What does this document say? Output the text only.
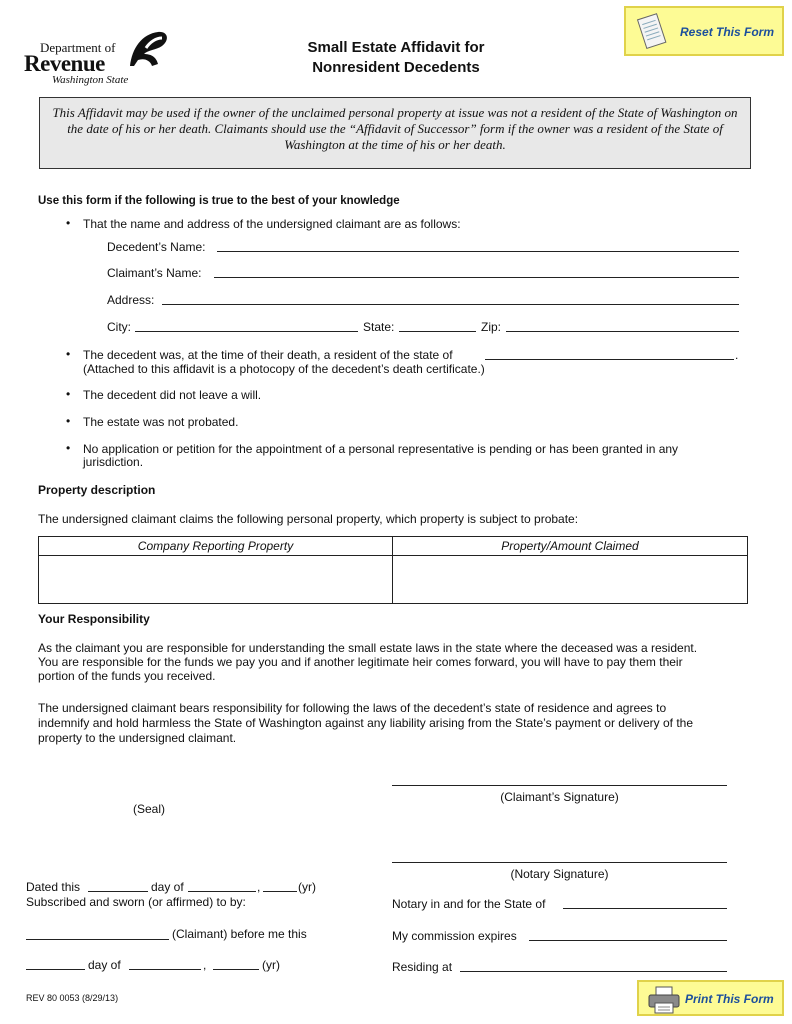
Department of
Revenue
Washington State
Small Estate Affidavit for
Nonresident Decedents
Reset This Form
This Affidavit may be used if the owner of the unclaimed personal property at issue was not a resident of the State of Washington on the date of his or her death. Claimants should use the “Affidavit of Successor” form if the owner was a resident of the State of Washington at the time of his or her death.
Use this form if the following is true to the best of your knowledge
• That the name and address of the undersigned claimant are as follows:
Decedent’s Name:
Claimant’s Name:
Address:
City:	State:	Zip:
• The decedent was, at the time of their death, a resident of the state of	.
(Attached to this affidavit is a photocopy of the decedent’s death certificate.)
• The decedent did not leave a will.
• The estate was not probated.
• No application or petition for the appointment of a personal representative is pending or has been granted in any
jurisdiction.
Property description
The undersigned claimant claims the following personal property, which property is subject to probate:
Company Reporting Property	Property/Amount Claimed

Your Responsibility
As the claimant you are responsible for understanding the small estate laws in the state where the deceased was a resident.
You are responsible for the funds we pay you and if another legitimate heir comes forward, you will have to pay them their
portion of the funds you received.
The undersigned claimant bears responsibility for following the laws of the decedent’s state of residence and agrees to
indemnify and hold harmless the State of Washington against any liability arising from the State’s payment or delivery of the
property to the undersigned claimant.
(Claimant’s Signature)
(Seal)
(Notary Signature)
Dated this	day of	,	(yr)
Subscribed and sworn (or affirmed) to by:	Notary in and for the State of
(Claimant) before me this	My commission expires
day of	,	(yr)	Residing at
REV 80 0053 (8/29/13)	Print This Form
